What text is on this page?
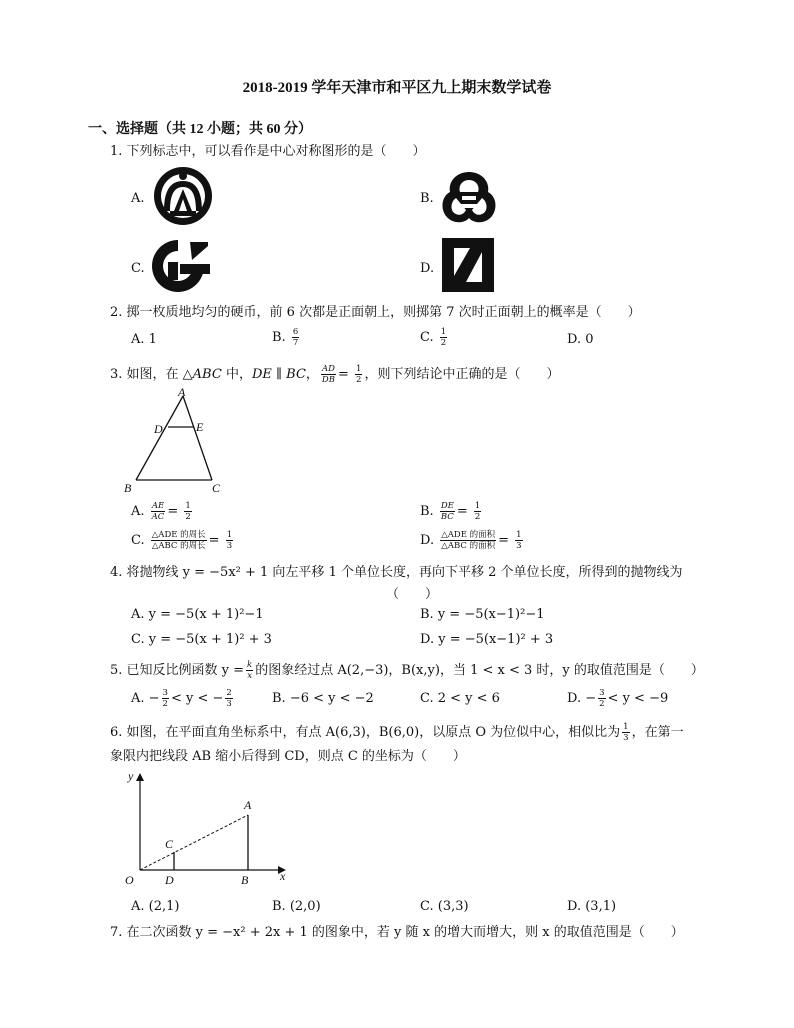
2018-2019 学年天津市和平区九上期末数学试卷
一、选择题（共 12 小题；共 60 分）
1. 下列标志中，可以看作是中心对称图形的是（　　）
A.	B.
C.	D.
2. 掷一枚质地均匀的硬币，前 6 次都是正面朝上，则掷第 7 次时正面朝上的概率是（　　）
A. 1	B. $\frac{6}{7}$	C. $\frac{1}{2}$	D. 0
3. 如图，在 △ABC 中，DE ∥ BC， $\frac{AD}{DB} = \frac{1}{2}$ ，则下列结论中正确的是（　　）
A
D	E
B	C
A. $\frac{AE}{AC} = \frac{1}{2}$	B. $\frac{DE}{BC} = \frac{1}{2}$
C. $\frac{\text{△ADE 的周长}}{\text{△ABC 的周长}} = \frac{1}{3}$	D. $\frac{\text{△ADE 的面积}}{\text{△ABC 的面积}} = \frac{1}{3}$
4. 将抛物线 y = −5x² + 1 向左平移 1 个单位长度，再向下平移 2 个单位长度，所得到的抛物线为
（　　）
A. y = −5(x + 1)²−1	B. y = −5(x−1)²−1
C. y = −5(x + 1)² + 3	D. y = −5(x−1)² + 3
5. 已知反比例函数 $y = \frac{k}{x}$ 的图象经过点 A(2,−3)，B(x,y)，当 1 < x < 3 时，y 的取值范围是（　　）
A. − $\frac{3}{2} < y$ < − $\frac{2}{3}$	B. −6 < y < −2	C. 2 < y < 6	D. − $\frac{3}{2} < y < -9$
6. 如图，在平面直角坐标系中，有点 A(6,3)，B(6,0)，以原点 O 为位似中心，相似比为 $\frac{1}{3}$ ，在第一
象限内把线段 AB 缩小后得到 CD，则点 C 的坐标为（　　）
y
x
O
A
B
C
D
A. (2,1)	B. (2,0)	C. (3,3)	D. (3,1)
7. 在二次函数 y = −x² + 2x + 1 的图象中，若 y 随 x 的增大而增大，则 x 的取值范围是（　　）
